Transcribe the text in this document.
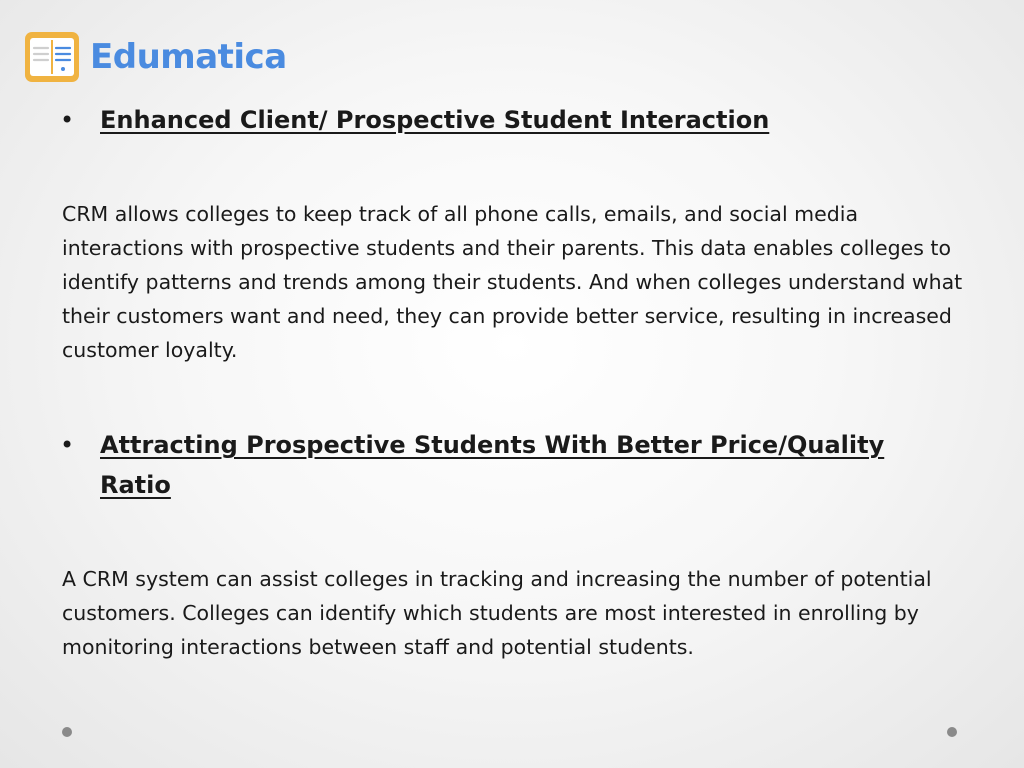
Edumatica
•	Enhanced Client/ Prospective Student Interaction

CRM allows colleges to keep track of all phone calls, emails, and social media interactions with prospective students and their parents. This data enables colleges to identify patterns and trends among their students. And when colleges understand what their customers want and need, they can provide better service, resulting in increased customer loyalty.

•	Attracting Prospective Students With Better Price/Quality Ratio

A CRM system can assist colleges in tracking and increasing the number of potential customers. Colleges can identify which students are most interested in enrolling by monitoring interactions between staff and potential students.
